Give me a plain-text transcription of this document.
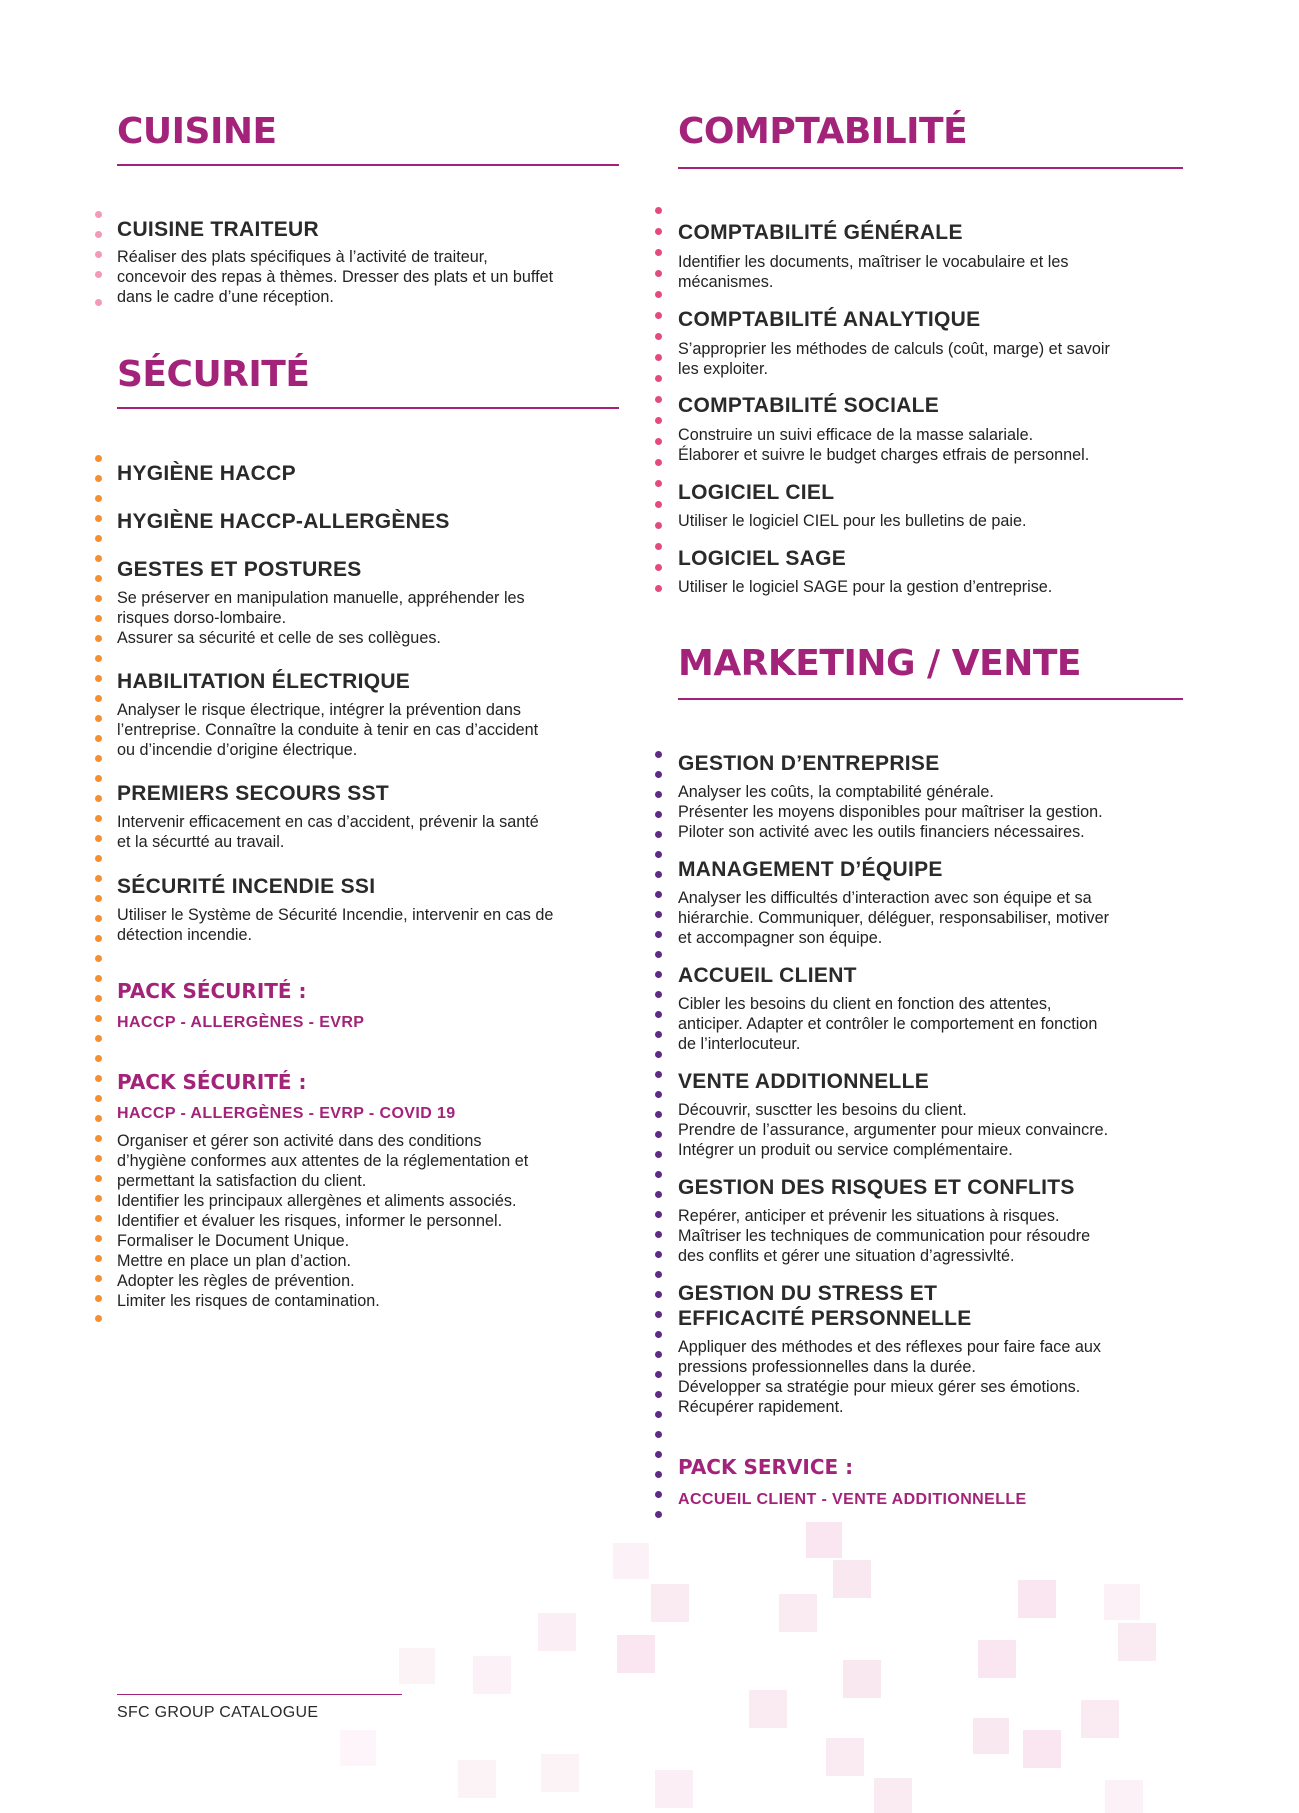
CUISINE
CUISINE TRAITEUR

Réaliser des plats spécifiques à l’activité de traiteur,
concevoir des repas à thèmes. Dresser des plats et un buffet
dans le cadre d’une réception.

SÉCURITÉ
HYGIÈNE HACCP
HYGIÈNE HACCP-ALLERGÈNES
GESTES ET POSTURES

Se préserver en manipulation manuelle, appréhender les
risques dorso-lombaire.
Assurer sa sécurité et celle de ses collègues.

HABILITATION ÉLECTRIQUE

Analyser le risque électrique, intégrer la prévention dans
l’entreprise. Connaître la conduite à tenir en cas d’accident
ou d’incendie d’origine électrique.

PREMIERS SECOURS SST

Intervenir efficacement en cas d’accident, prévenir la santé
et la sécurtté au travail.

SÉCURITÉ INCENDIE SSI

Utiliser le Système de Sécurité Incendie, intervenir en cas de
détection incendie.

PACK SÉCURITÉ :

HACCP - ALLERGÈNES - EVRP

PACK SÉCURITÉ :

HACCP - ALLERGÈNES - EVRP - COVID 19

Organiser et gérer son activité dans des conditions
d’hygiène conformes aux attentes de la réglementation et
permettant la satisfaction du client.
Identifier les principaux allergènes et aliments associés.
Identifier et évaluer les risques, informer le personnel.
Formaliser le Document Unique.
Mettre en place un plan d’action.
Adopter les règles de prévention.
Limiter les risques de contamination.

COMPTABILITÉ
COMPTABILITÉ GÉNÉRALE

Identifier les documents, maîtriser le vocabulaire et les
mécanismes.

COMPTABILITÉ ANALYTIQUE

S’approprier les méthodes de calculs (coût, marge) et savoir
les exploiter.

COMPTABILITÉ SOCIALE

Construire un suivi efficace de la masse salariale.
Élaborer et suivre le budget charges etfrais de personnel.

LOGICIEL CIEL

Utiliser le logiciel CIEL pour les bulletins de paie.

LOGICIEL SAGE

Utiliser le logiciel SAGE pour la gestion d’entreprise.

MARKETING / VENTE
GESTION D’ENTREPRISE

Analyser les coûts, la comptabilité générale.
Présenter les moyens disponibles pour maîtriser la gestion.
Piloter son activité avec les outils financiers nécessaires.

MANAGEMENT D’ÉQUIPE

Analyser les difficultés d’interaction avec son équipe et sa
hiérarchie. Communiquer, déléguer, responsabiliser, motiver
et accompagner son équipe.

ACCUEIL CLIENT

Cibler les besoins du client en fonction des attentes,
anticiper. Adapter et contrôler le comportement en fonction
de l’interlocuteur.

VENTE ADDITIONNELLE

Découvrir, susctter les besoins du client.
Prendre de l’assurance, argumenter pour mieux convaincre.
Intégrer un produit ou service complémentaire.

GESTION DES RISQUES ET CONFLITS

Repérer, anticiper et prévenir les situations à risques.
Maîtriser les techniques de communication pour résoudre
des conflits et gérer une situation d’agressivlté.

GESTION DU STRESS ET
EFFICACITÉ PERSONNELLE

Appliquer des méthodes et des réflexes pour faire face aux
pressions professionnelles dans la durée.
Développer sa stratégie pour mieux gérer ses émotions.
Récupérer rapidement.

PACK SERVICE :

ACCUEIL CLIENT - VENTE ADDITIONNELLE

SFC GROUP CATALOGUE
